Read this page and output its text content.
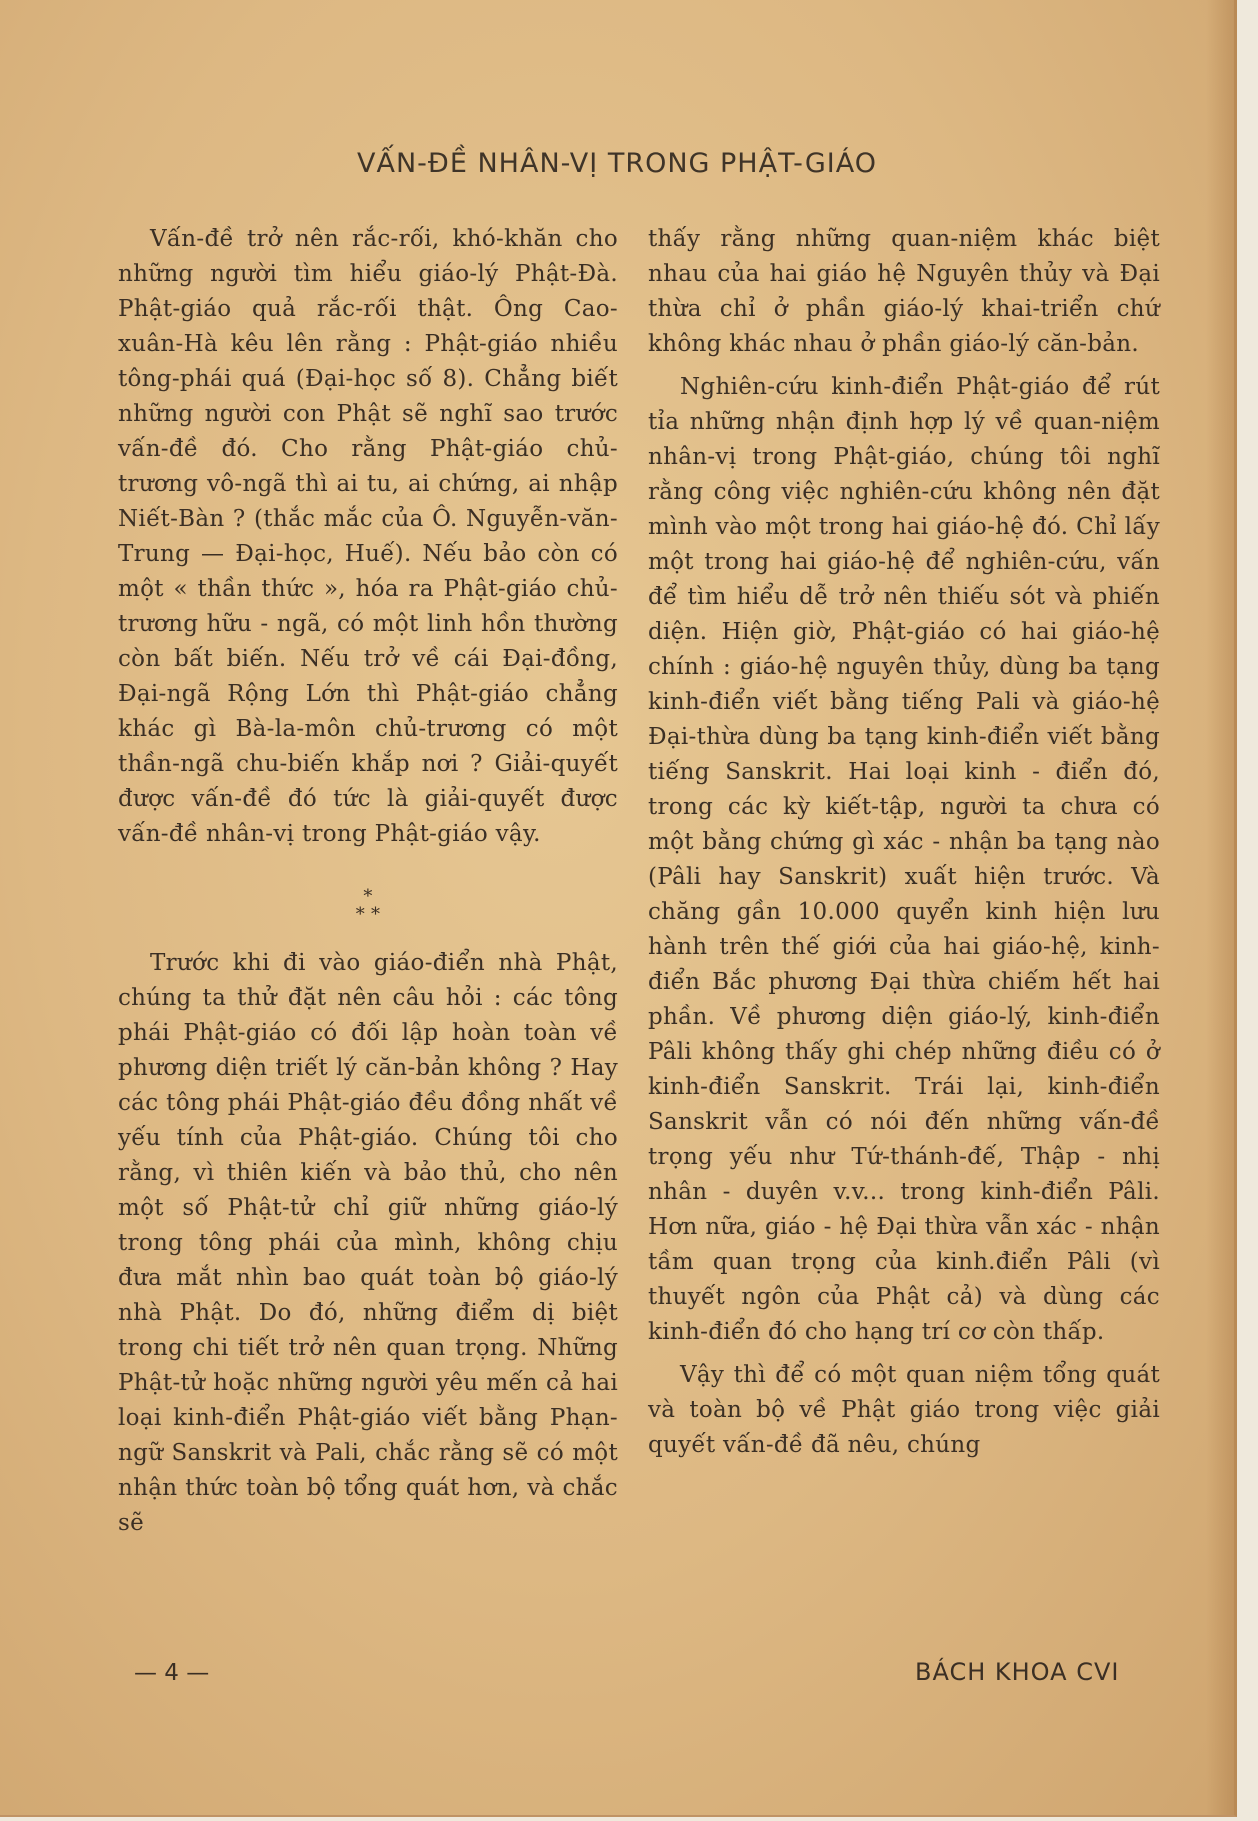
VẤN-ĐỀ NHÂN-VỊ TRONG PHẬT-GIÁO

Vấn-đề trở nên rắc-rối, khó-khăn cho những người tìm hiểu giáo-lý Phật-Đà. Phật-giáo quả rắc-rối thật. Ông Cao-xuân-Hà kêu lên rằng : Phật-giáo nhiều tông-phái quá (Đại-học số 8). Chẳng biết những người con Phật sẽ nghĩ sao trước vấn-đề đó. Cho rằng Phật-giáo chủ-trương vô-ngã thì ai tu, ai chứng, ai nhập Niết-Bàn ? (thắc mắc của Ô. Nguyễn-văn-Trung — Đại-học, Huế). Nếu bảo còn có một « thần thức », hóa ra Phật-giáo chủ-trương hữu - ngã, có một linh hồn thường còn bất biến. Nếu trở về cái Đại-đồng, Đại-ngã Rộng Lớn thì Phật-giáo chẳng khác gì Bà-la-môn chủ-trương có một thần-ngã chu-biến khắp nơi ? Giải-quyết được vấn-đề đó tức là giải-quyết được vấn-đề nhân-vị trong Phật-giáo vậy.

*
* *

Trước khi đi vào giáo-điển nhà Phật, chúng ta thử đặt nên câu hỏi : các tông phái Phật-giáo có đối lập hoàn toàn về phương diện triết lý căn-bản không ? Hay các tông phái Phật-giáo đều đồng nhất về yếu tính của Phật-giáo. Chúng tôi cho rằng, vì thiên kiến và bảo thủ, cho nên một số Phật-tử chỉ giữ những giáo-lý trong tông phái của mình, không chịu đưa mắt nhìn bao quát toàn bộ giáo-lý nhà Phật. Do đó, những điểm dị biệt trong chi tiết trở nên quan trọng. Những Phật-tử hoặc những người yêu mến cả hai loại kinh-điển Phật-giáo viết bằng Phạn-ngữ Sanskrit và Pali, chắc rằng sẽ có một nhận thức toàn bộ tổng quát hơn, và chắc sẽ

thấy rằng những quan-niệm khác biệt nhau của hai giáo hệ Nguyên thủy và Đại thừa chỉ ở phần giáo-lý khai-triển chứ không khác nhau ở phần giáo-lý căn-bản.

Nghiên-cứu kinh-điển Phật-giáo để rút tỉa những nhận định hợp lý về quan-niệm nhân-vị trong Phật-giáo, chúng tôi nghĩ rằng công việc nghiên-cứu không nên đặt mình vào một trong hai giáo-hệ đó. Chỉ lấy một trong hai giáo-hệ để nghiên-cứu, vấn để tìm hiểu dễ trở nên thiếu sót và phiến diện. Hiện giờ, Phật-giáo có hai giáo-hệ chính : giáo-hệ nguyên thủy, dùng ba tạng kinh-điển viết bằng tiếng Pali và giáo-hệ Đại-thừa dùng ba tạng kinh-điển viết bằng tiếng Sanskrit. Hai loại kinh - điển đó, trong các kỳ kiết-tập, người ta chưa có một bằng chứng gì xác - nhận ba tạng nào (Pâli hay Sanskrit) xuất hiện trước. Và chăng gần 10.000 quyển kinh hiện lưu hành trên thế giới của hai giáo-hệ, kinh-điển Bắc phương Đại thừa chiếm hết hai phần. Về phương diện giáo-lý, kinh-điển Pâli không thấy ghi chép những điều có ở kinh-điển Sanskrit. Trái lại, kinh-điển Sanskrit vẫn có nói đến những vấn-đề trọng yếu như Tứ-thánh-đế, Thập - nhị nhân - duyên v.v... trong kinh-điển Pâli. Hơn nữa, giáo - hệ Đại thừa vẫn xác - nhận tầm quan trọng của kinh.điển Pâli (vì thuyết ngôn của Phật cả) và dùng các kinh-điển đó cho hạng trí cơ còn thấp.

Vậy thì để có một quan niệm tổng quát và toàn bộ về Phật giáo trong việc giải quyết vấn-đề đã nêu, chúng

— 4 —	BÁCH KHOA CVI
